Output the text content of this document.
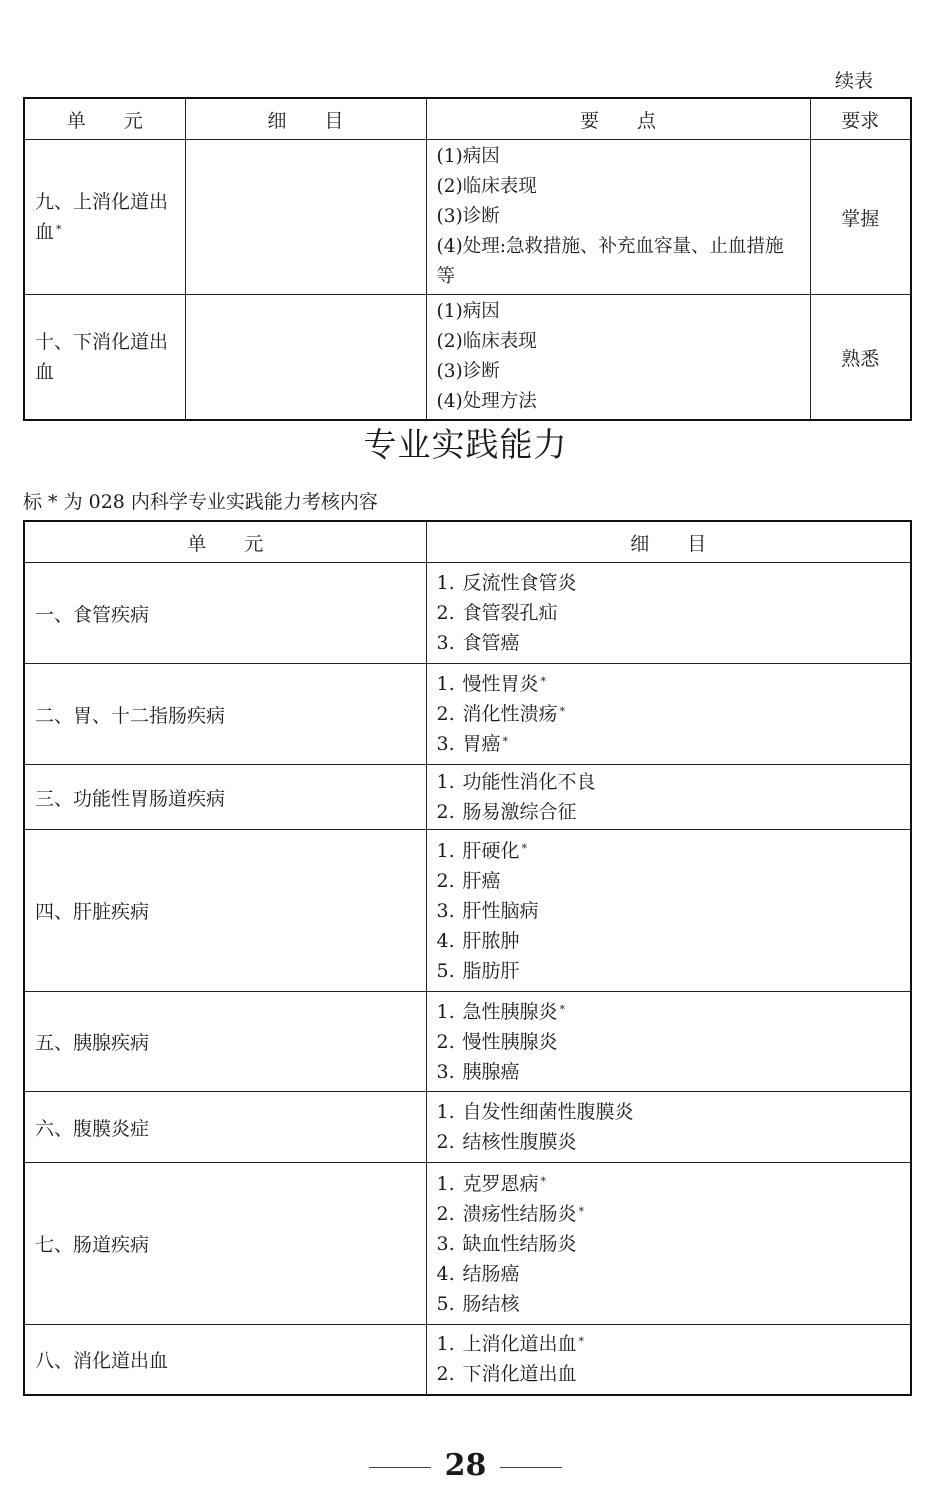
续表
单　　元	细　　目	要　　点	要求
九、上消化道出血 *		(1)病因
(2)临床表现
(3)诊断
(4)处理:急救措施、补充血容量、止血措施等	掌握
十、下消化道出血		(1)病因
(2)临床表现
(3)诊断
(4)处理方法	熟悉
专业实践能力
标 * 为 028 内科学专业实践能力考核内容
单　　元	细　　目
一、食管疾病	1. 反流性食管炎
2. 食管裂孔疝
3. 食管癌

二、胃、十二指肠疾病	1. 慢性胃炎 *
2. 消化性溃疡 *
3. 胃癌 *

三、功能性胃肠道疾病	1. 功能性消化不良
2. 肠易激综合征

四、肝脏疾病	1. 肝硬化 *
2. 肝癌
3. 肝性脑病
4. 肝脓肿
5. 脂肪肝

五、胰腺疾病	1. 急性胰腺炎 *
2. 慢性胰腺炎
3. 胰腺癌

六、腹膜炎症	1. 自发性细菌性腹膜炎
2. 结核性腹膜炎

七、肠道疾病	1. 克罗恩病 *
2. 溃疡性结肠炎 *
3. 缺血性结肠炎
4. 结肠癌
5. 肠结核

八、消化道出血	1. 上消化道出血 *
2. 下消化道出血
28
